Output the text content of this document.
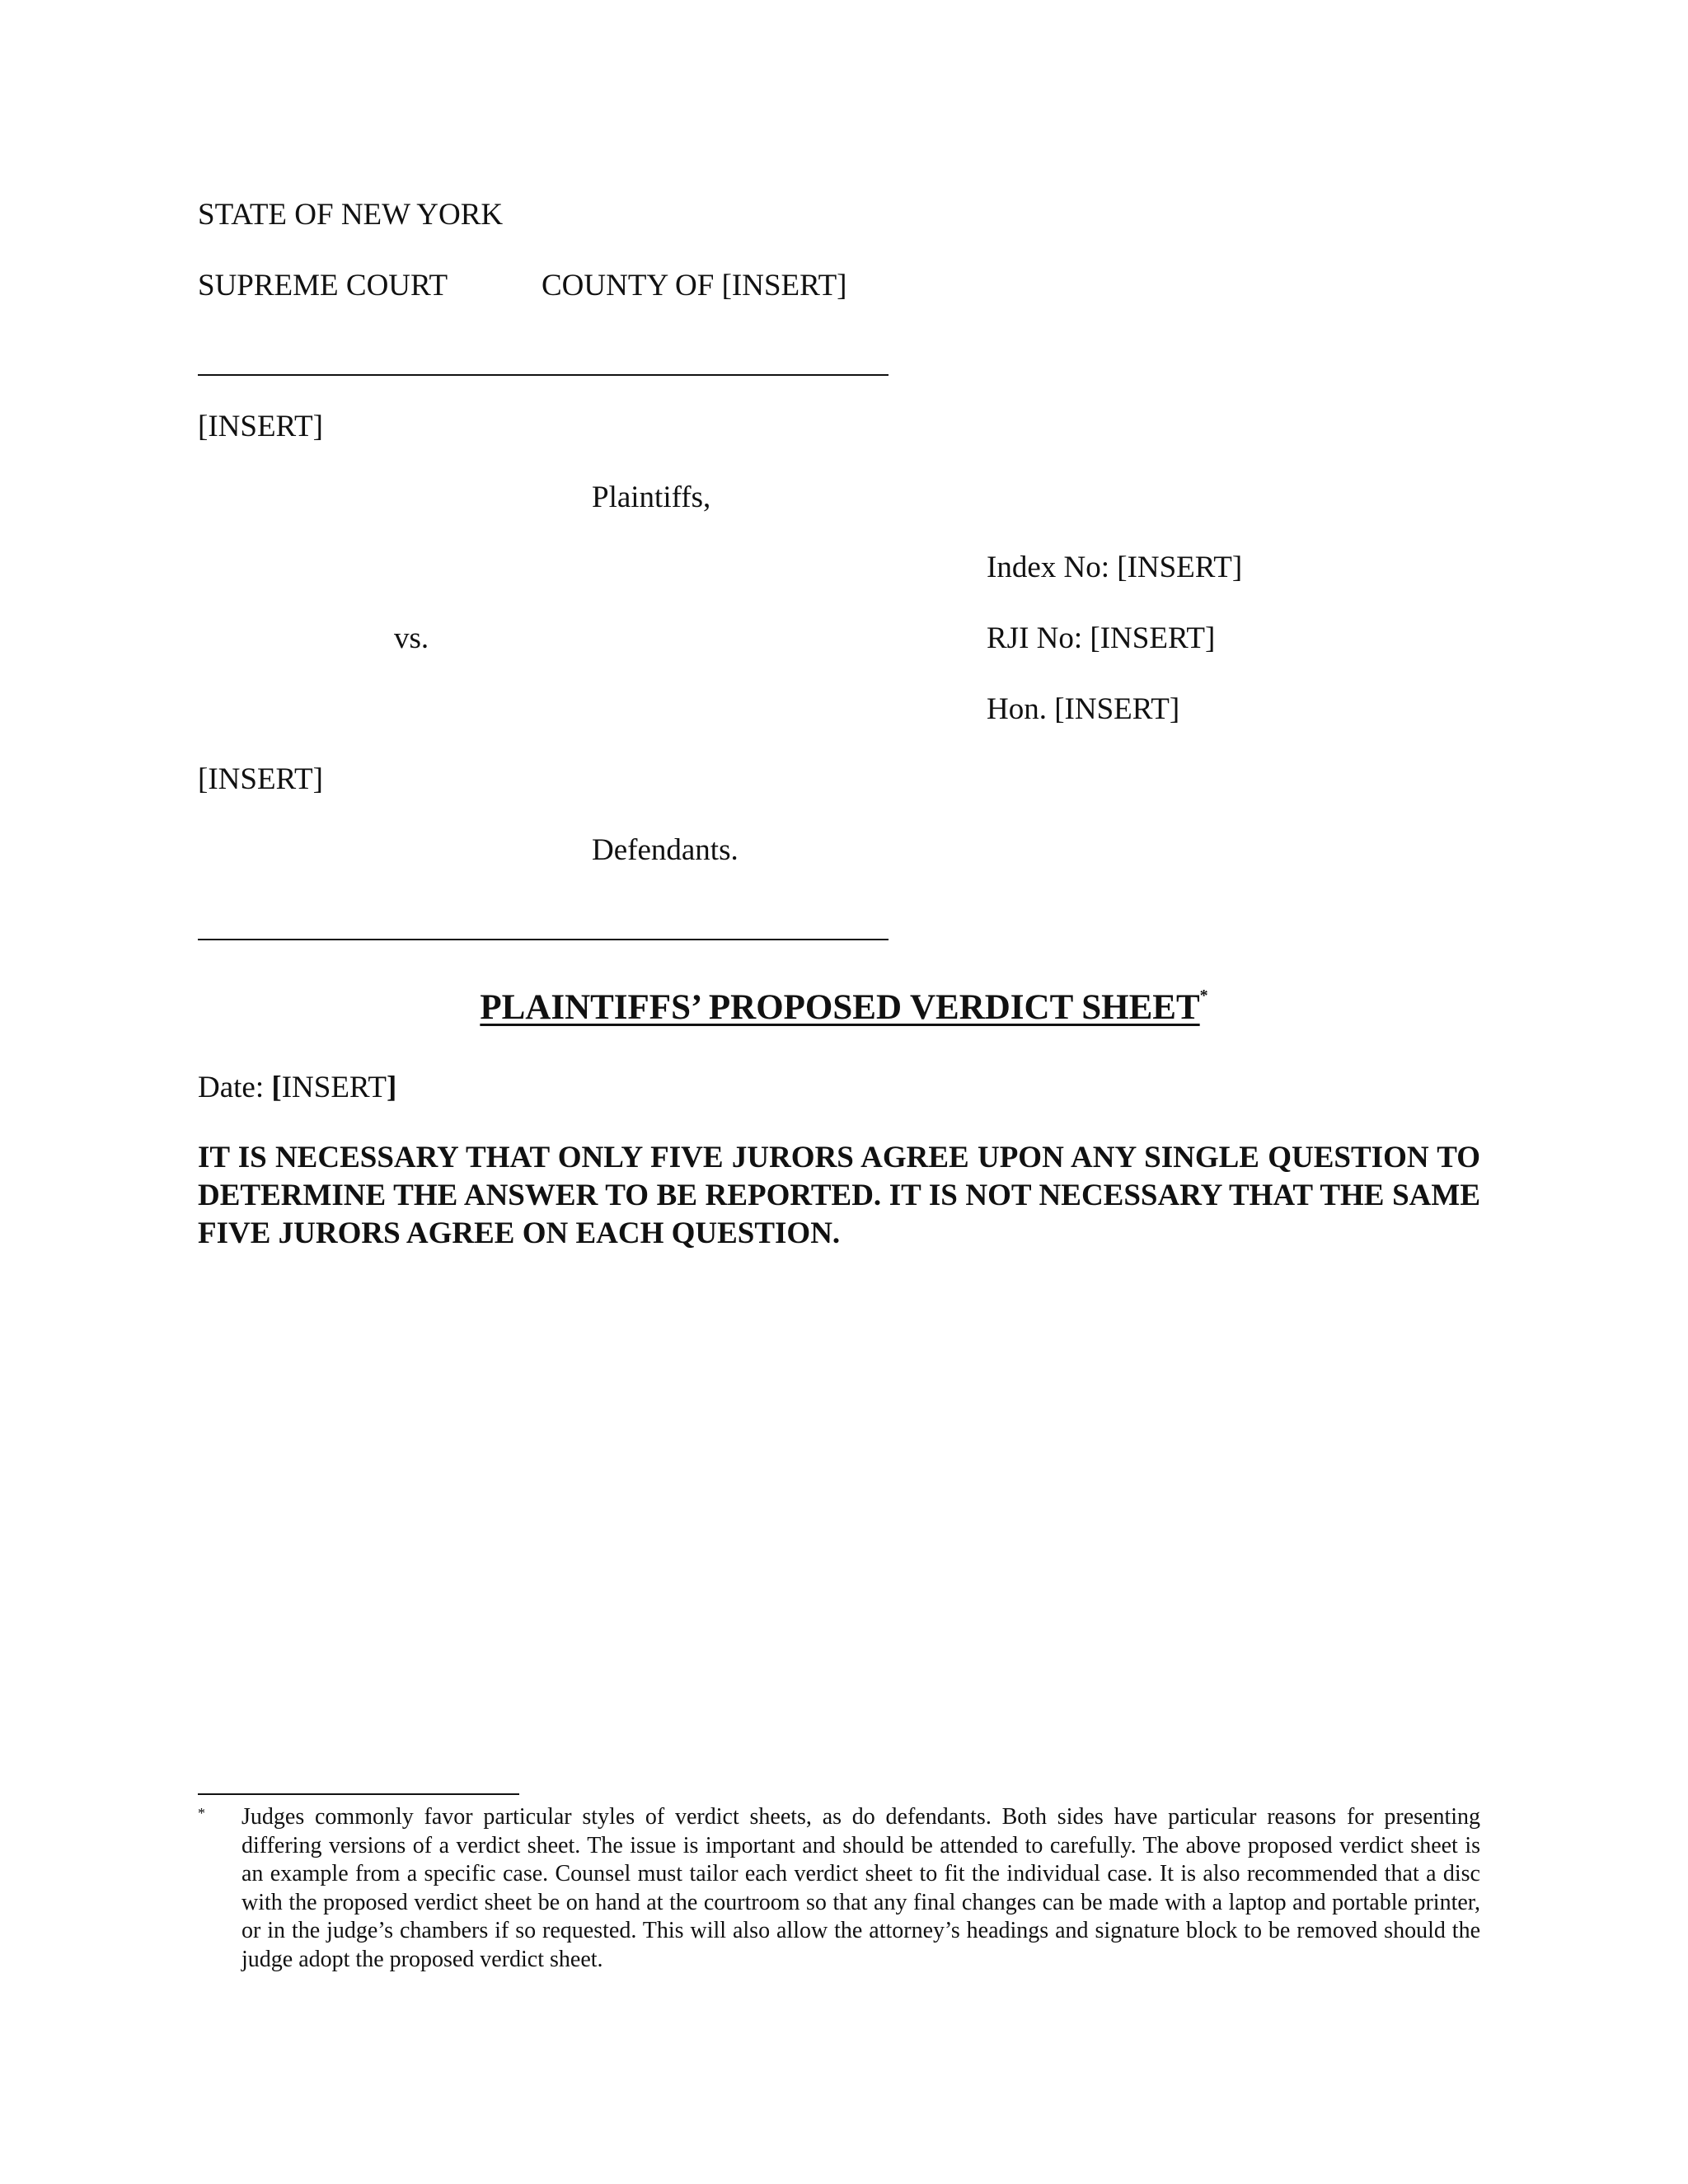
STATE OF NEW YORK

SUPREME COURT	COUNTY OF [INSERT]

[INSERT]

Plaintiffs,

Index No: [INSERT]

vs.	RJI No: [INSERT]

Hon. [INSERT]

[INSERT]

Defendants.

PLAINTIFFS’ PROPOSED VERDICT SHEET*

Date: [INSERT]

IT IS NECESSARY THAT ONLY FIVE JURORS AGREE UPON ANY SINGLE QUESTION TO DETERMINE THE ANSWER TO BE REPORTED. IT IS NOT NECESSARY THAT THE SAME FIVE JURORS AGREE ON EACH QUESTION.

* Judges commonly favor particular styles of verdict sheets, as do defendants. Both sides have particular reasons for presenting differing versions of a verdict sheet. The issue is important and should be attended to carefully. The above proposed verdict sheet is an example from a specific case. Counsel must tailor each verdict sheet to fit the individual case. It is also recommended that a disc with the proposed verdict sheet be on hand at the courtroom so that any final changes can be made with a laptop and portable printer, or in the judge’s chambers if so requested. This will also allow the attorney’s headings and signature block to be removed should the judge adopt the proposed verdict sheet.
